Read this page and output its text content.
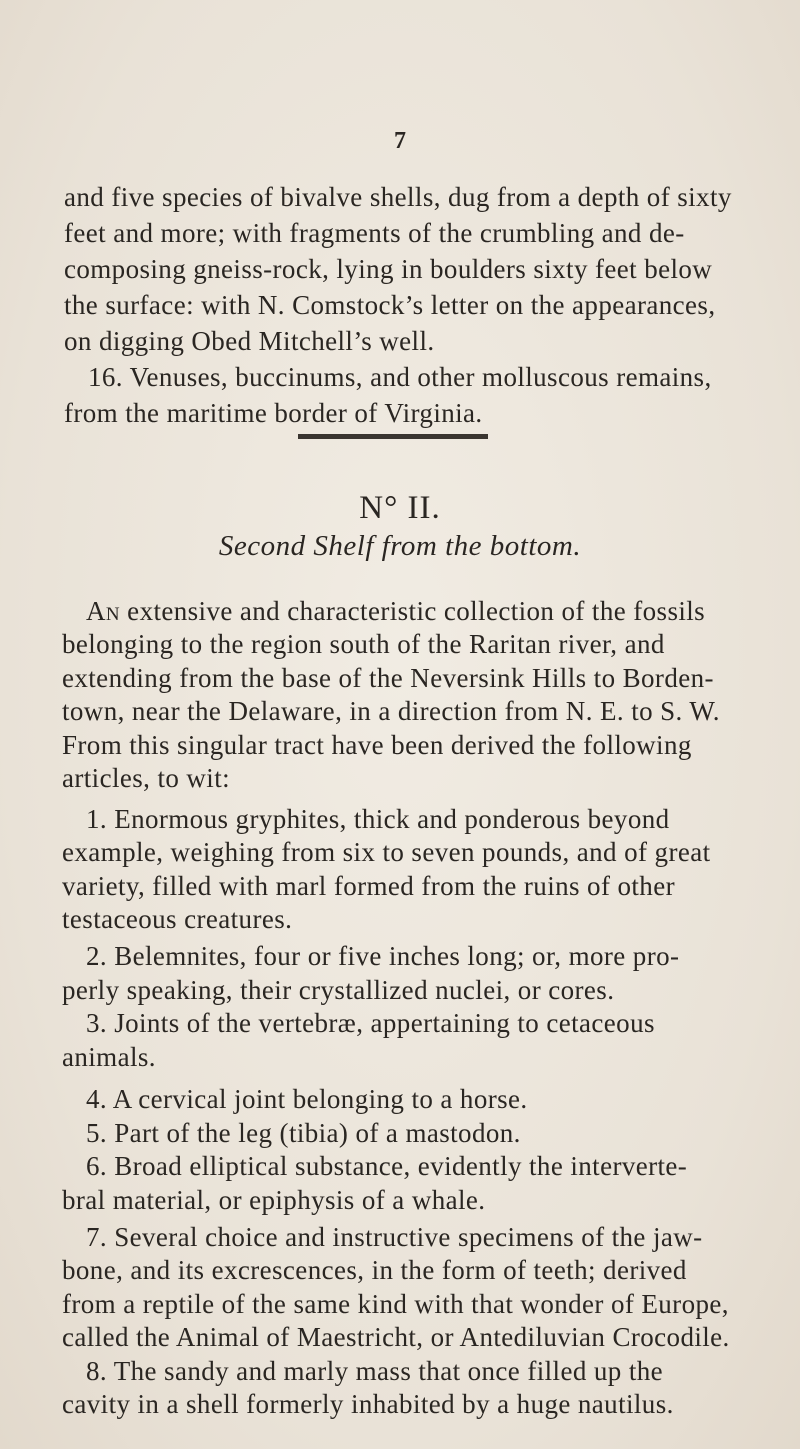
7
and five species of bivalve shells, dug from a depth of sixty
feet and more; with fragments of the crumbling and de-
composing gneiss-rock, lying in boulders sixty feet below
the surface: with N. Comstock’s letter on the appearances,
on digging Obed Mitchell’s well.
16. Venuses, buccinums, and other molluscous remains,
from the maritime border of Virginia.
N° II.
Second Shelf from the bottom.
An extensive and characteristic collection of the fossils
belonging to the region south of the Raritan river, and
extending from the base of the Neversink Hills to Borden-
town, near the Delaware, in a direction from N. E. to S. W.
From this singular tract have been derived the following
articles, to wit:
1. Enormous gryphites, thick and ponderous beyond
example, weighing from six to seven pounds, and of great
variety, filled with marl formed from the ruins of other
testaceous creatures.
2. Belemnites, four or five inches long; or, more pro-
perly speaking, their crystallized nuclei, or cores.
3. Joints of the vertebræ, appertaining to cetaceous
animals.
4. A cervical joint belonging to a horse.
5. Part of the leg (tibia) of a mastodon.
6. Broad elliptical substance, evidently the interverte-
bral material, or epiphysis of a whale.
7. Several choice and instructive specimens of the jaw-
bone, and its excrescences, in the form of teeth; derived
from a reptile of the same kind with that wonder of Europe,
called the Animal of Maestricht, or Antediluvian Crocodile.
8. The sandy and marly mass that once filled up the
cavity in a shell formerly inhabited by a huge nautilus.
